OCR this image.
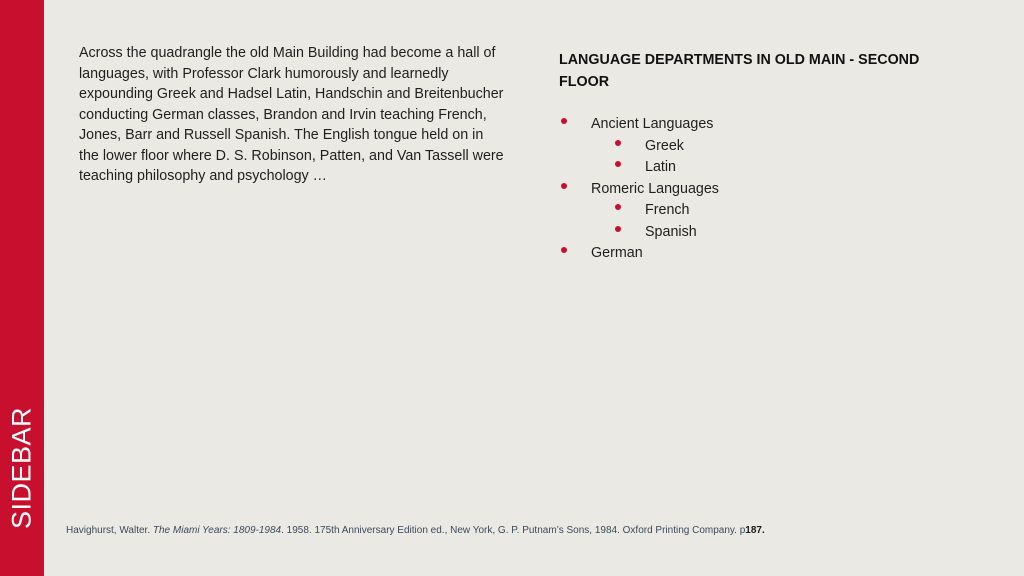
SIDEBAR
Across the quadrangle the old Main Building had become a hall of languages, with Professor Clark humorously and learnedly expounding Greek and Hadsel Latin, Handschin and Breitenbucher conducting German classes, Brandon and Irvin teaching French, Jones, Barr and Russell Spanish. The English tongue held on in the lower floor where D. S. Robinson, Patten, and Van Tassell were teaching philosophy and psychology …
LANGUAGE DEPARTMENTS IN OLD MAIN - SECOND FLOOR
Ancient Languages
Greek
Latin
Romeric Languages
French
Spanish
German
Havighurst, Walter. The Miami Years: 1809-1984. 1958. 175th Anniversary Edition ed., New York, G. P. Putnam’s Sons, 1984. Oxford Printing Company. p187.
